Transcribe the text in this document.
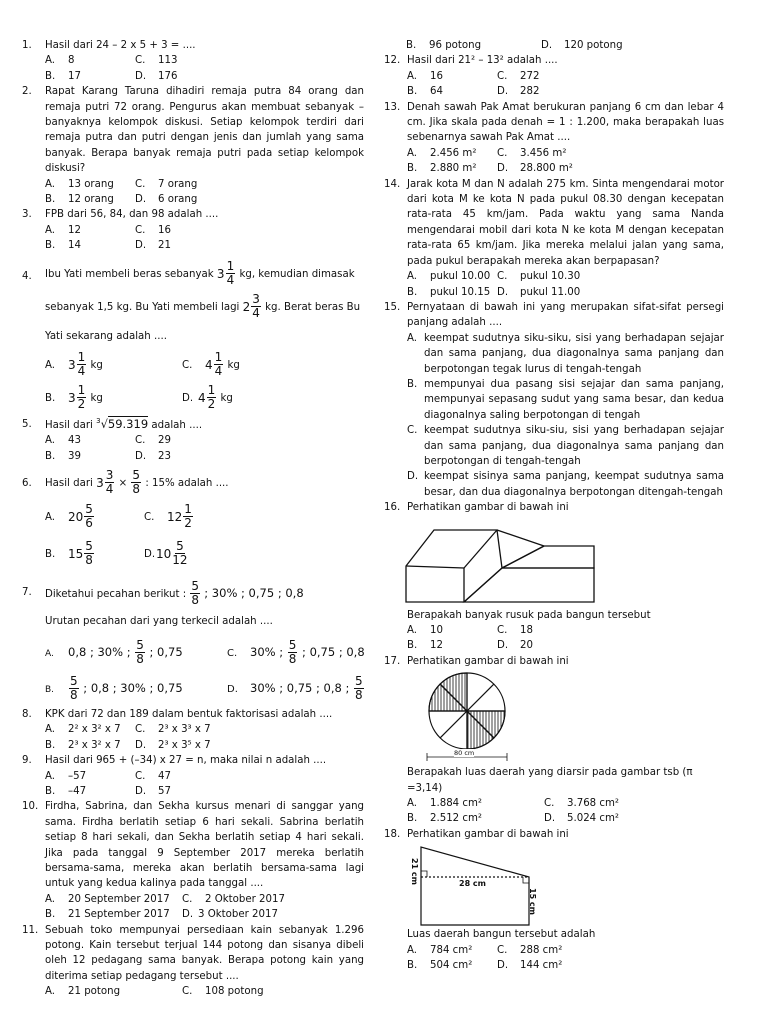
1. Hasil dari 24 – 2 x 5 + 3 = ....
A. 8	C. 113
B. 17	D. 176
2. Rapat Karang Taruna dihadiri remaja putra 84 orang dan remaja putri 72 orang. Pengurus akan membuat sebanyak – banyaknya kelompok diskusi. Setiap kelompok terdiri dari remaja putra dan putri dengan jenis dan jumlah yang sama banyak. Berapa banyak remaja putri pada setiap kelompok diskusi?
A. 13 orang	C. 7 orang
B. 12 orang	D. 6 orang
3. FPB dari 56, 84, dan 98 adalah ....
A. 12	C. 16
B. 14	D. 21
4. Ibu Yati membeli beras sebanyak $3 \frac{1}{4}$ kg, kemudian dimasak
sebanyak 1,5 kg. Bu Yati membeli lagi $2 \frac{3}{4}$ kg. Berat beras Bu
Yati sekarang adalah ....
A. $3 \frac{1}{4}$ kg	C. $4 \frac{1}{4}$ kg
B. $3 \frac{1}{2}$ kg	D. $4 \frac{1}{2}$ kg
5. Hasil dari $^3$√59.319 adalah ....
A. 43	C. 29
B. 39	D. 23
6. Hasil dari $3 \frac{3}{4} \times \frac{5}{8}$ : 15% adalah ....
A. $20 \frac{5}{6}$	C. $12 \frac{1}{2}$
B. $15 \frac{5}{8}$	$D.10 \frac{5}{12}$
7. Diketahui pecahan berikut : $\frac{5}{8}$ ; 30% ; 0,75 ; 0,8
Urutan pecahan dari yang terkecil adalah ....
A. 0,8 ; 30% ; $\frac{5}{8}$ ; 0,75	C. 30% ; $\frac{5}{8}$ ; 0,75 ; 0,8
B. $\frac{5}{8}$ ; 0,8 ; 30% ; 0,75	D. 30% ; 0,75 ; 0,8 ; $\frac{5}{8}$
8. KPK dari 72 dan 189 dalam bentuk faktorisasi adalah ....
A. 2² x 3² x 7	C. 2³ x 3³ x 7
B. 2³ x 3² x 7	D. 2³ x 3⁵ x 7
9. Hasil dari 965 + (–34) x 27 = n, maka nilai n adalah ....
A. –57	C. 47
B. –47	D. 57
10. Firdha, Sabrina, dan Sekha kursus menari di sanggar yang sama. Firdha berlatih setiap 6 hari sekali. Sabrina berlatih setiap 8 hari sekali, dan Sekha berlatih setiap 4 hari sekali. Jika pada tanggal 9 September 2017 mereka berlatih bersama-sama, mereka akan berlatih bersama-sama lagi untuk yang kedua kalinya pada tanggal ....
A. 20 September 2017	C. 2 Oktober 2017
B. 21 September 2017	D. 3 Oktober 2017
11. Sebuah toko mempunyai persediaan kain sebanyak 1.296 potong. Kain tersebut terjual 144 potong dan sisanya dibeli oleh 12 pedagang sama banyak. Berapa potong kain yang diterima setiap pedagang tersebut ....
A. 21 potong	C. 108 potong
B. 96 potong	D. 120 potong
12. Hasil dari 21² – 13² adalah ....
A. 16	C. 272
B. 64	D. 282
13. Denah sawah Pak Amat berukuran panjang 6 cm dan lebar 4 cm. Jika skala pada denah = 1 : 1.200, maka berapakah luas sebenarnya sawah Pak Amat ....
A. 2.456 m²	C. 3.456 m²
B. 2.880 m²	D. 28.800 m²
14. Jarak kota M dan N adalah 275 km. Sinta mengendarai motor dari kota M ke kota N pada pukul 08.30 dengan kecepatan rata-rata 45 km/jam. Pada waktu yang sama Nanda mengendarai mobil dari kota N ke kota M dengan kecepatan rata-rata 65 km/jam. Jika mereka melalui jalan yang sama, pada pukul berapakah mereka akan berpapasan?
A. pukul 10.00 C. pukul 10.30
B. pukul 10.15 D. pukul 11.00
15. Pernyataan di bawah ini yang merupakan sifat-sifat persegi panjang adalah ....
A. keempat sudutnya siku-siku, sisi yang berhadapan sejajar dan sama panjang, dua diagonalnya sama panjang dan berpotongan tegak lurus di tengah-tengah
B. mempunyai dua pasang sisi sejajar dan sama panjang, mempunyai sepasang sudut yang sama besar, dan kedua diagonalnya saling berpotongan di tengah
C. keempat sudutnya siku-siu, sisi yang berhadapan sejajar dan sama panjang, dua diagonalnya sama panjang dan berpotongan di tengah-tengah
D. keempat sisinya sama panjang, keempat sudutnya sama besar, dan dua diagonalnya berpotongan ditengah-tengah
16. Perhatikan gambar di bawah ini
Berapakah banyak rusuk pada bangun tersebut
A. 10	C. 18
B. 12	D. 20
17. Perhatikan gambar di bawah ini
80 cm
Berapakah luas daerah yang diarsir pada gambar tsb (π =3,14)
A. 1.884 cm²	C. 3.768 cm²
B. 2.512 cm²	D. 5.024 cm²
18. Perhatikan gambar di bawah ini
21 cm	28 cm
15 cm
Luas daerah bangun tersebut adalah
A. 784 cm²	C. 288 cm²
B. 504 cm²	D. 144 cm²
